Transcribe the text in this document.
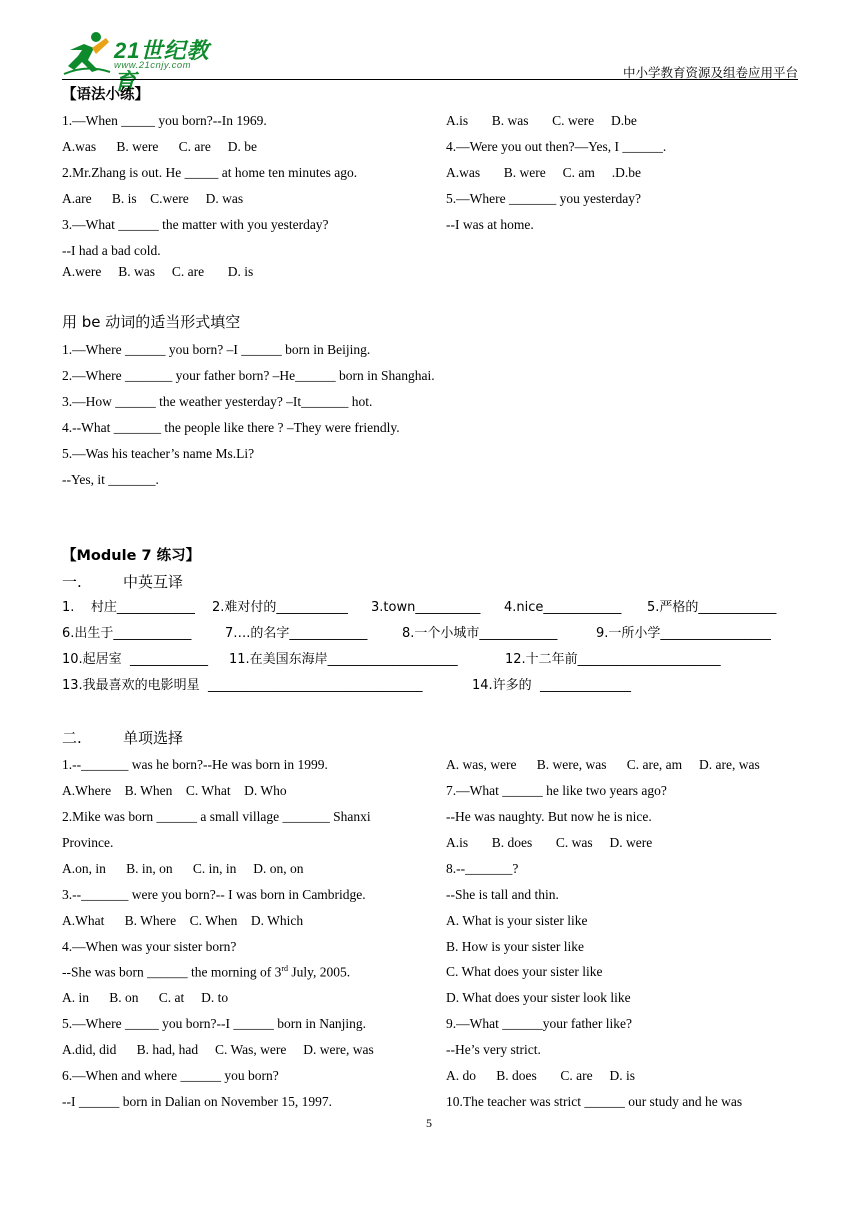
21世纪教育
www.21cnjy.com	中小学教育资源及组卷应用平台
【语法小练】
1.—When _____ you born?--In 1969.
A.was      B. were      C. are     D. be
2.Mr.Zhang is out. He _____ at home ten minutes ago.
A.are      B. is    C.were     D. was
3.—What ______ the matter with you yesterday?
--I had a bad cold.
A.were     B. was     C. are       D. is
A.is       B. was       C. were     D.be
4.—Were you out then?—Yes, I ______.
A.was       B. were     C. am     .D.be
5.—Where _______ you yesterday?
--I was at home.
用 be 动词的适当形式填空
1.—Where ______ you born? –I ______ born in Beijing.
2.—Where _______ your father born? –He______ born in Shanghai.
3.—How ______ the weather yesterday? –It_______ hot.
4.--What _______ the people like there ? –They were friendly.
5.—Was his teacher’s name Ms.Li?
--Yes, it _______.
【Module 7 练习】
一.	中英互译
1.    村庄____________ 2.难对付的___________ 3.town__________ 4.nice____________ 5.严格的____________
6.出生于____________	7….的名字____________	8.一个小城市____________	9.一所小学_________________
10.起居室  ____________ 11.在美国东海岸____________________	12.十二年前______________________
13.我最喜欢的电影明星  _________________________________	14.许多的  ______________
二.	单项选择
1.--_______ was he born?--He was born in 1999.
A.Where    B. When    C. What    D. Who
2.Mike was born ______ a small village _______ Shanxi
Province.
A.on, in      B. in, on      C. in, in     D. on, on
3.--_______ were you born?-- I was born in Cambridge.
A.What      B. Where    C. When    D. Which
4.—When was your sister born?
--She was born ______ the morning of 3rd July, 2005.
A. in      B. on      C. at     D. to
5.—Where _____ you born?--I ______ born in Nanjing.
A.did, did      B. had, had     C. Was, were     D. were, was
6.—When and where ______ you born?
--I ______ born in Dalian on November 15, 1997.
A. was, were      B. were, was      C. are, am     D. are, was
7.—What ______ he like two years ago?
--He was naughty. But now he is nice.
A.is       B. does       C. was     D. were
8.--_______?
--She is tall and thin.
A. What is your sister like
B. How is your sister like
C. What does your sister like
D. What does your sister look like
9.—What ______your father like?
--He’s very strict.
A. do      B. does       C. are     D. is
10.The teacher was strict ______ our study and he was
5
